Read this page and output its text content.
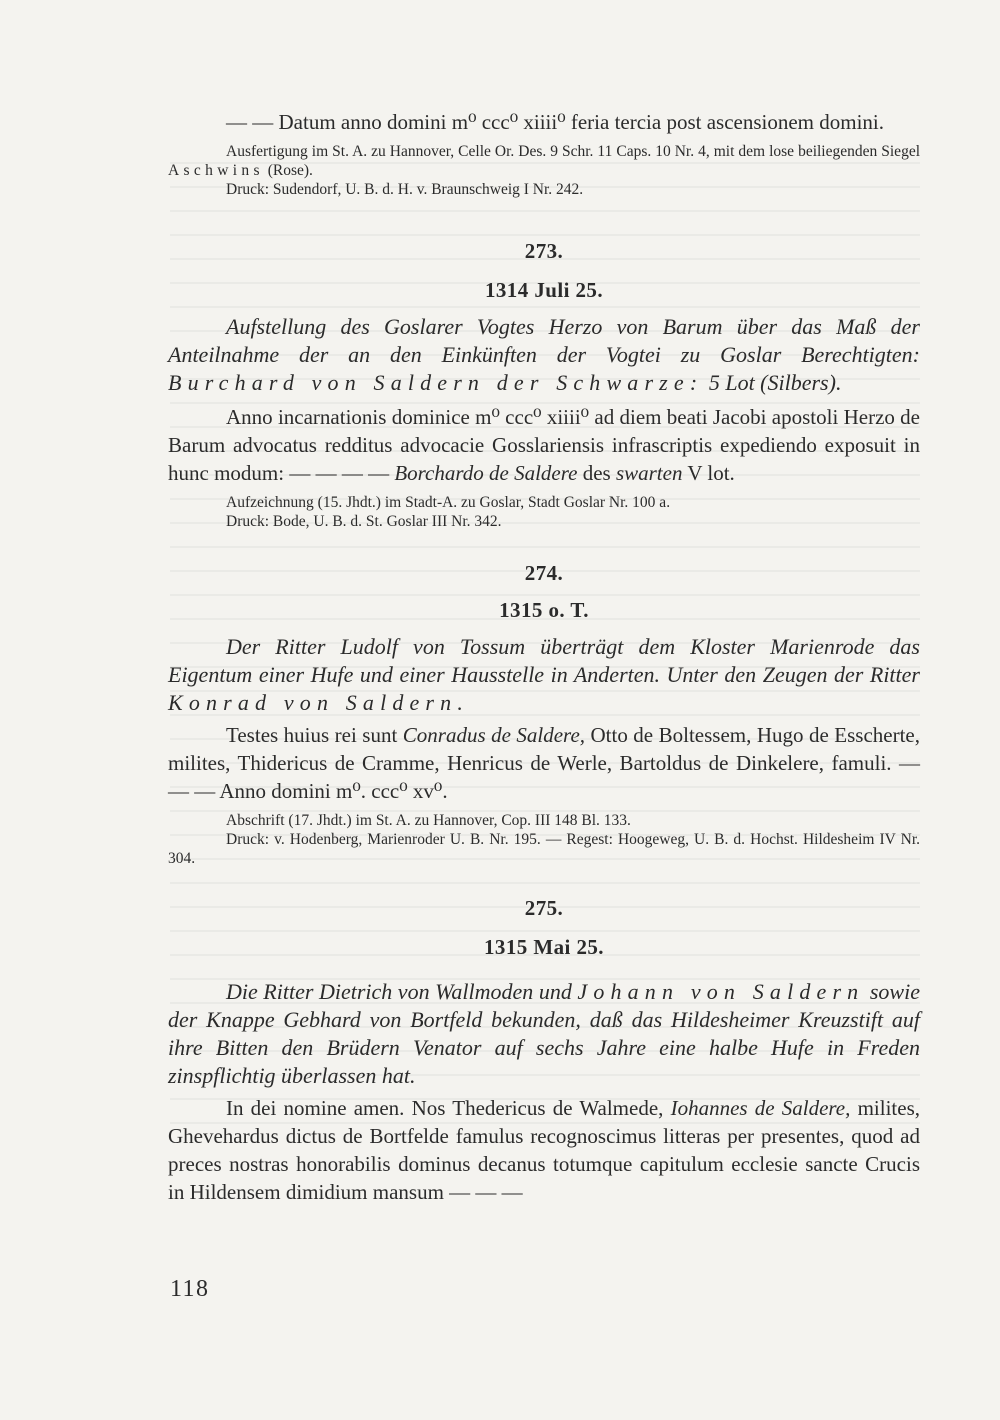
— — Datum anno domini m⁰ ccc⁰ xiiii⁰ feria tercia post ascensionem domini.

Ausfertigung im St. A. zu Hannover, Celle Or. Des. 9 Schr. 11 Caps. 10 Nr. 4, mit dem lose beiliegenden Siegel Aschwins (Rose).

Druck: Sudendorf, U. B. d. H. v. Braunschweig I Nr. 242.

273.

1314 Juli 25.

Aufstellung des Goslarer Vogtes Herzo von Barum über das Maß der Anteilnahme der an den Einkünften der Vogtei zu Goslar Berechtigten: Burchard von Saldern der Schwarze: 5 Lot (Silbers).

Anno incarnationis dominice m⁰ ccc⁰ xiiii⁰ ad diem beati Jacobi apostoli Herzo de Barum advocatus redditus advocacie Gosslariensis infrascriptis expediendo exposuit in hunc modum: — — — — Borchardo de Saldere des swarten V lot.

Aufzeichnung (15. Jhdt.) im Stadt-A. zu Goslar, Stadt Goslar Nr. 100 a.

Druck: Bode, U. B. d. St. Goslar III Nr. 342.

274.

1315 o. T.

Der Ritter Ludolf von Tossum überträgt dem Kloster Marienrode das Eigentum einer Hufe und einer Hausstelle in Anderten. Unter den Zeugen der Ritter Konrad von Saldern.

Testes huius rei sunt Conradus de Saldere, Otto de Boltessem, Hugo de Esscherte, milites, Thidericus de Cramme, Henricus de Werle, Bartoldus de Dinkelere, famuli. — — — Anno domini m⁰. ccc⁰ xv⁰.

Abschrift (17. Jhdt.) im St. A. zu Hannover, Cop. III 148 Bl. 133.

Druck: v. Hodenberg, Marienroder U. B. Nr. 195. — Regest: Hoogeweg, U. B. d. Hochst. Hildesheim IV Nr. 304.

275.

1315 Mai 25.

Die Ritter Dietrich von Wallmoden und Johann von Saldern sowie der Knappe Gebhard von Bortfeld bekunden, daß das Hildesheimer Kreuzstift auf ihre Bitten den Brüdern Venator auf sechs Jahre eine halbe Hufe in Freden zinspflichtig überlassen hat.

In dei nomine amen. Nos Thedericus de Walmede, Iohannes de Saldere, milites, Ghevehardus dictus de Bortfelde famulus recognoscimus litteras per presentes, quod ad preces nostras honorabilis dominus decanus totumque capitulum ecclesie sancte Crucis in Hildensem dimidium mansum — — —

118
